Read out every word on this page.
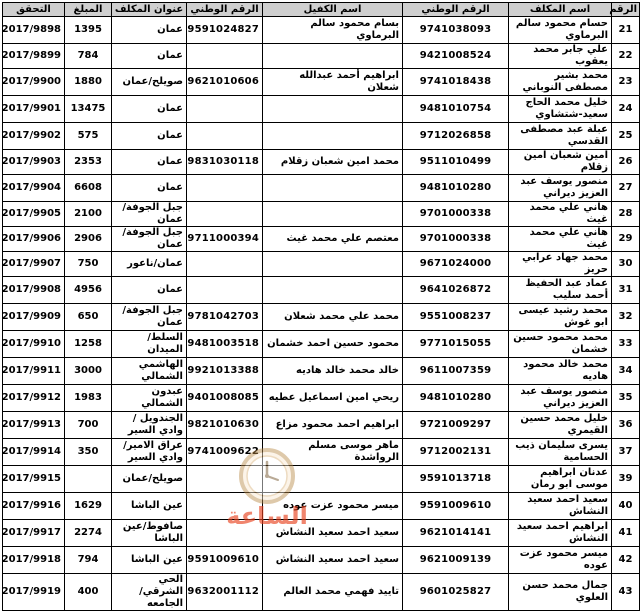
الرقم	اسم المكلف	الرقم الوطني	اسم الكفيل	الرقم الوطني	عنوان المكلف	المبلغ	التحقق
21	حسام محمود سالم البرماوي	9741038093	بسام محمود سالم البرماوي	9591024827	عمان	1395	2017/9898
22	علي جابر محمد يعقوب	9421008524			عمان	784	2017/9899
23	محمد بشير مصطفى النوباني	9741018438	ابراهيم أحمد عبدالله شعلان	9621010606	صويلح/عمان	1880	2017/9900
24	خليل محمد الحاج سعيد-شتشاوي	9481010754			عمان	13475	2017/9901
25	عبلة عبد مصطفى القدسي	9712026858			عمان	575	2017/9902
26	امين شعبان امين زقلام	9511010499	محمد امين شعبان زقلام	9831030118	عمان	2353	2017/9903
27	منصور يوسف عبد العزيز ديراني	9481010280			عمان	6608	2017/9904
28	هاني علي محمد غيث	9701000338			جبل الجوفة/عمان	2100	2017/9905
29	هاني علي محمد غيث	9701000338	معتصم علي محمد غيث	9711000394	جبل الجوفة/عمان	2906	2017/9906
30	محمد جهاد عرابي حريز	9671024000			عمان/ناعور	750	2017/9907
31	عماد عبد الحفيظ أحمد سليب	9641026872			عمان	4956	2017/9908
32	محمد رشيد عيسى ابو غوش	9551008237	محمد علي محمد شعلان	9781042703	جبل الجوفة/عمان	650	2017/9909
33	محمد محمود حسين خشمان	9771015055	محمود حسين احمد خشمان	9481003518	السلط/الميدان	1258	2017/9910
34	محمد خالد محمود هاديه	9611007359	خالد محمد خالد هاديه	9921013388	الهاشمي الشمالي	3000	2017/9911
35	منصور يوسف عبد العزيز ديراني	9481010280	ريحي امين اسماعيل عطيه	9401008085	عبدون الشمالي	1983	2017/9912
36	خليل محمد حسين القيمري	9721009297	ابراهيم احمد محمود مزاع	9821010630	الجندويل /وادي السير	700	2017/9913
37	يسرى سليمان ذيب الحسامية	9712002131	ماهر موسى مسلم الرواشدة	9741009622	عراق الامير/وادي السير	350	2017/9914
39	عدنان ابراهيم موسى ابو رمان	9591013718			صويلح/عمان		2017/9915
40	سعيد احمد سعيد النشاش	9591009610	ميسر محمود عزت عوده		عين الباشا	1629	2017/9916
41	ابراهيم احمد سعيد النشاش	9621014141	سعيد احمد سعيد النشاش		صافوط/عين الباشا	2274	2017/9917
42	ميسر محمود عزت عوده	9621009139	سعيد احمد سعيد النشاش	9591009610	عين الباشا	794	2017/9918
43	جمال محمد حسن العلوي	9601025827	تاييد فهمي محمد العالم	9632001112	الحي الشرقي/الجامعه	400	2017/9919
الساعة
